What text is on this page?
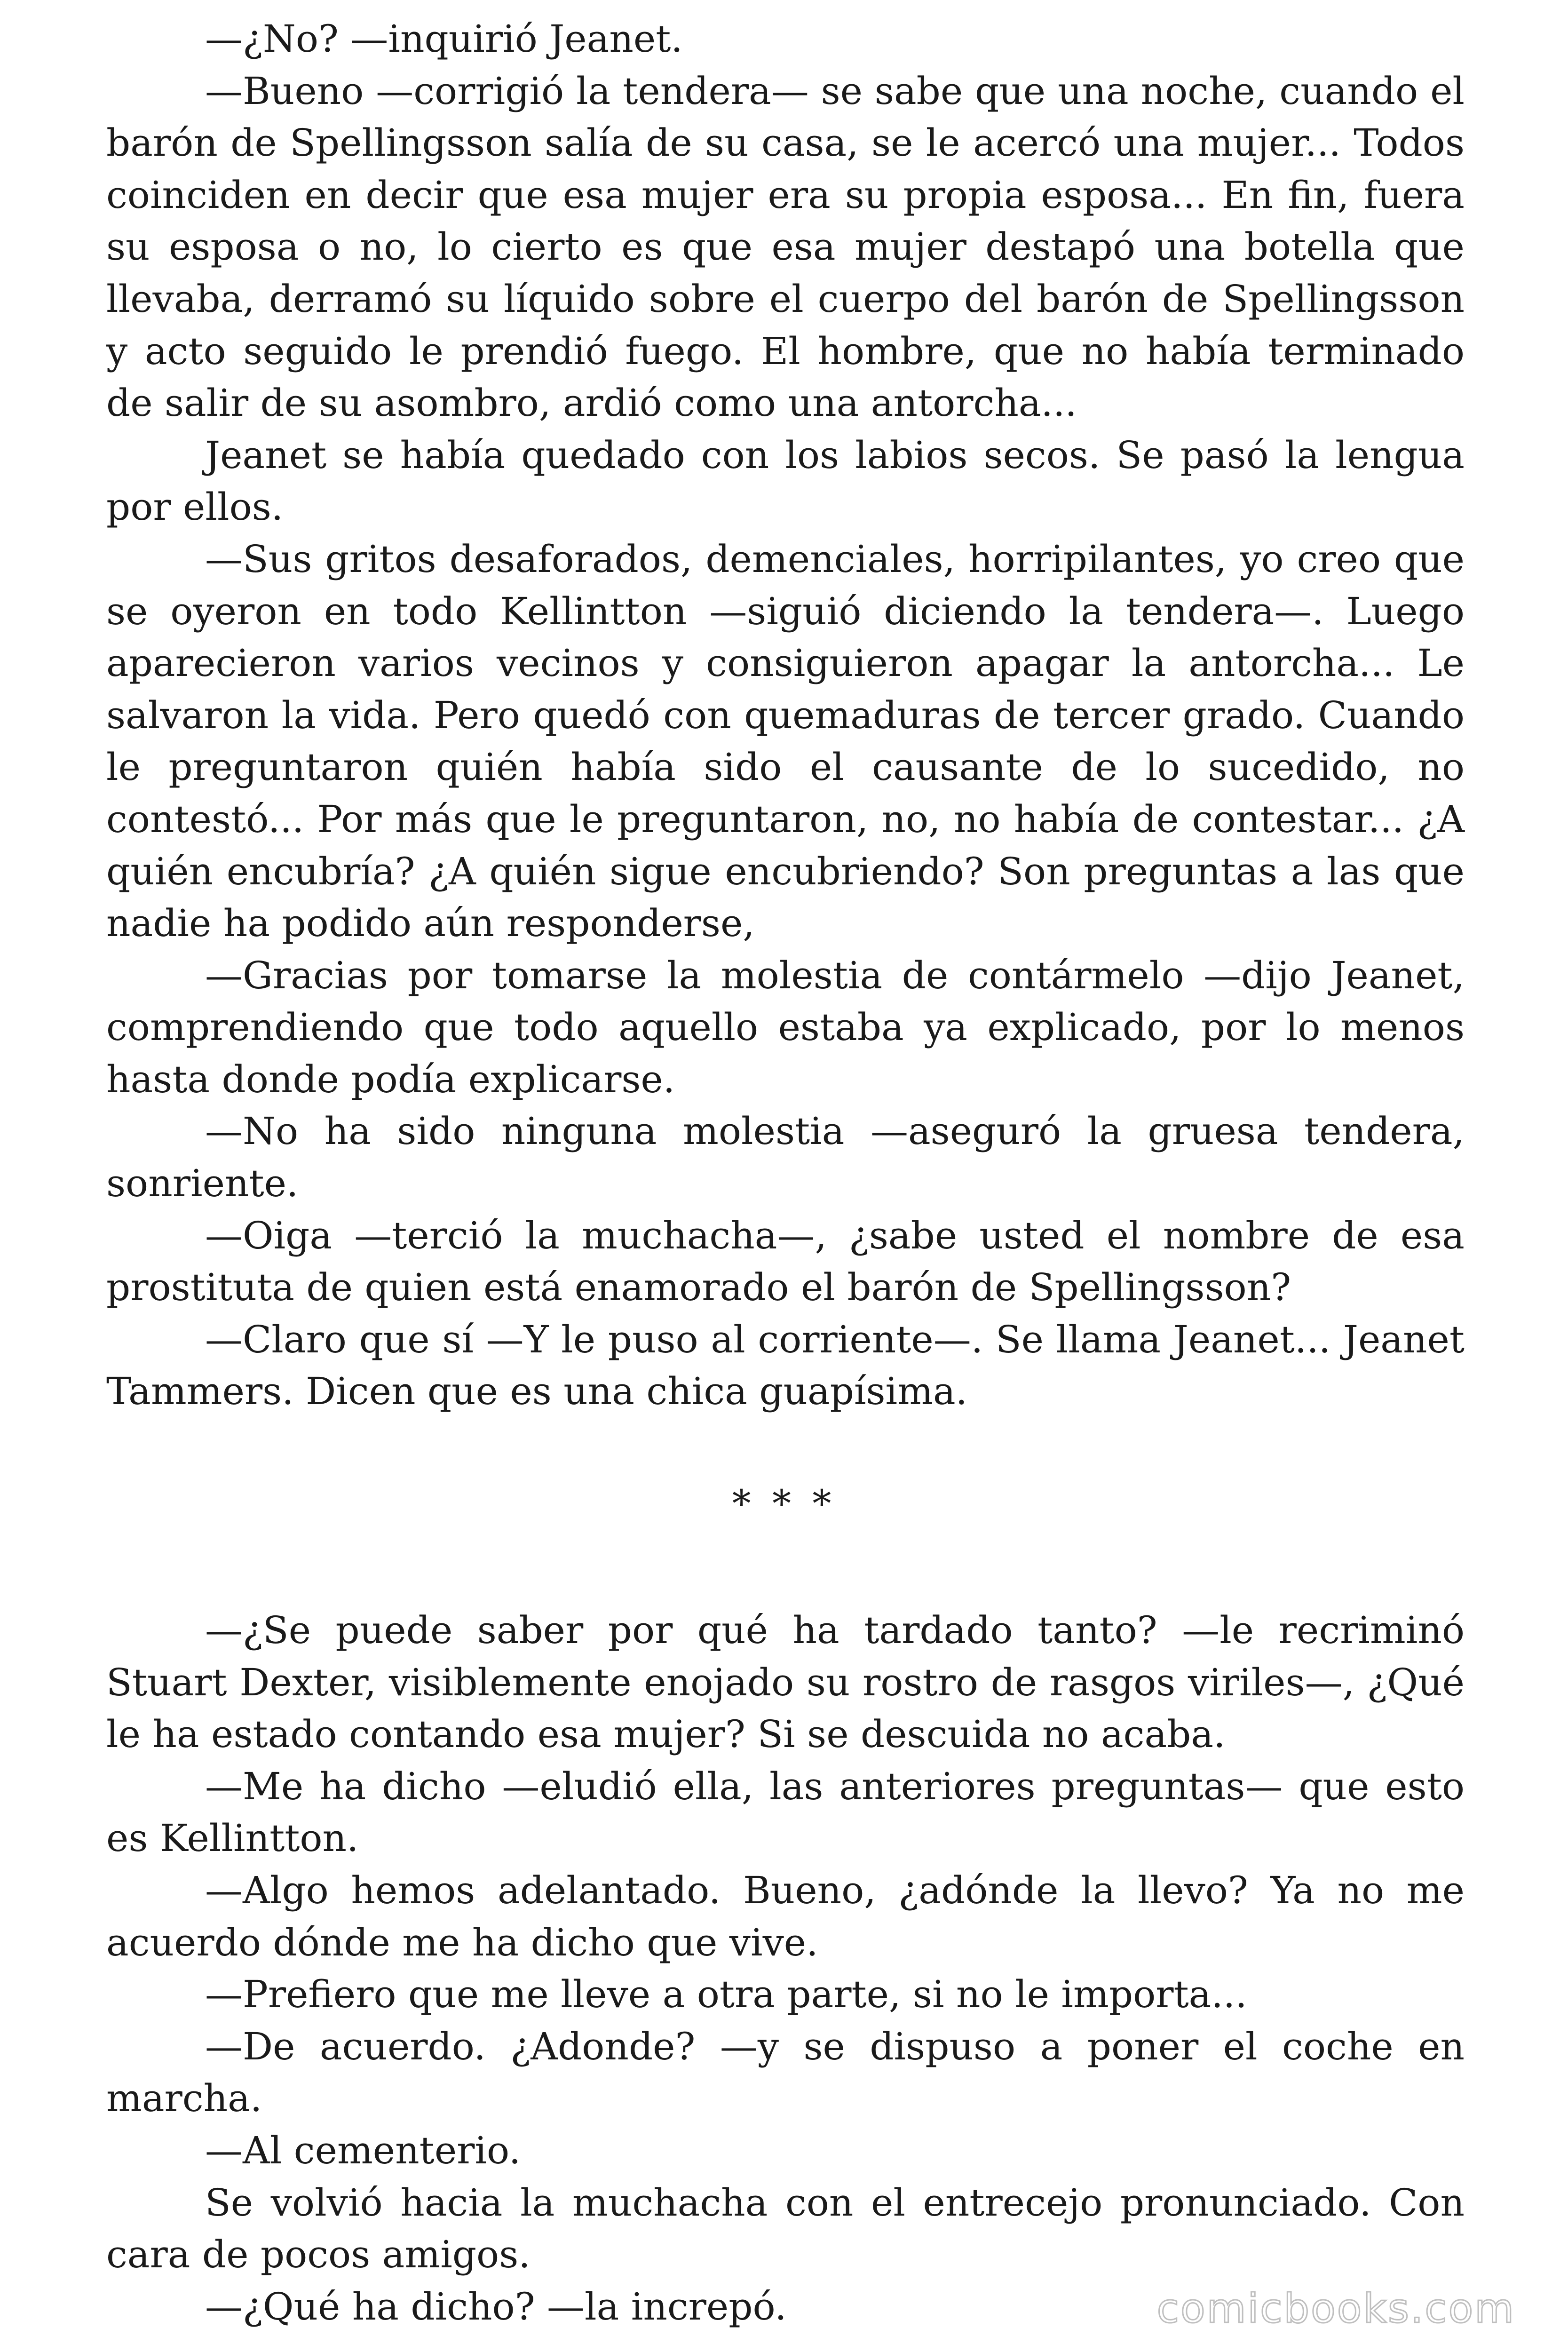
—¿No? —inquirió Jeanet.

—Bueno —corrigió la tendera— se sabe que una noche, cuando el barón de Spellingsson salía de su casa, se le acercó una mujer... Todos coinciden en decir que esa mujer era su propia esposa... En fin, fuera su esposa o no, lo cierto es que esa mujer destapó una botella que llevaba, derramó su líquido sobre el cuerpo del barón de Spellingsson y acto seguido le prendió fuego. El hombre, que no había terminado de salir de su asombro, ardió como una antorcha...

Jeanet se había quedado con los labios secos. Se pasó la lengua por ellos.

—Sus gritos desaforados, demenciales, horripilantes, yo creo que se oyeron en todo Kellintton —siguió diciendo la tendera—. Luego aparecieron varios vecinos y consiguieron apagar la antorcha... Le salvaron la vida. Pero quedó con quemaduras de tercer grado. Cuando le preguntaron quién había sido el causante de lo sucedido, no contestó... Por más que le preguntaron, no, no había de contestar... ¿A quién encubría? ¿A quién sigue encubriendo? Son preguntas a las que nadie ha podido aún responderse,

—Gracias por tomarse la molestia de contármelo —dijo Jeanet, comprendiendo que todo aquello estaba ya explicado, por lo menos hasta donde podía explicarse.

—No ha sido ninguna molestia —aseguró la gruesa tendera, sonriente.

—Oiga —terció la muchacha—, ¿sabe usted el nombre de esa prostituta de quien está enamorado el barón de Spellingsson?

—Claro que sí —Y le puso al corriente—. Se llama Jeanet... Jeanet Tammers. Dicen que es una chica guapísima.

* * *

—¿Se puede saber por qué ha tardado tanto? —le recriminó Stuart Dexter, visiblemente enojado su rostro de rasgos viriles—, ¿Qué le ha estado contando esa mujer? Si se descuida no acaba.

—Me ha dicho —eludió ella, las anteriores preguntas— que esto es Kellintton.

—Algo hemos adelantado. Bueno, ¿adónde la llevo? Ya no me acuerdo dónde me ha dicho que vive.

—Prefiero que me lleve a otra parte, si no le importa...

—De acuerdo. ¿Adonde? —y se dispuso a poner el coche en marcha.

—Al cementerio.

Se volvió hacia la muchacha con el entrecejo pronunciado. Con cara de pocos amigos.

—¿Qué ha dicho? —la increpó.	comicbooks.com
